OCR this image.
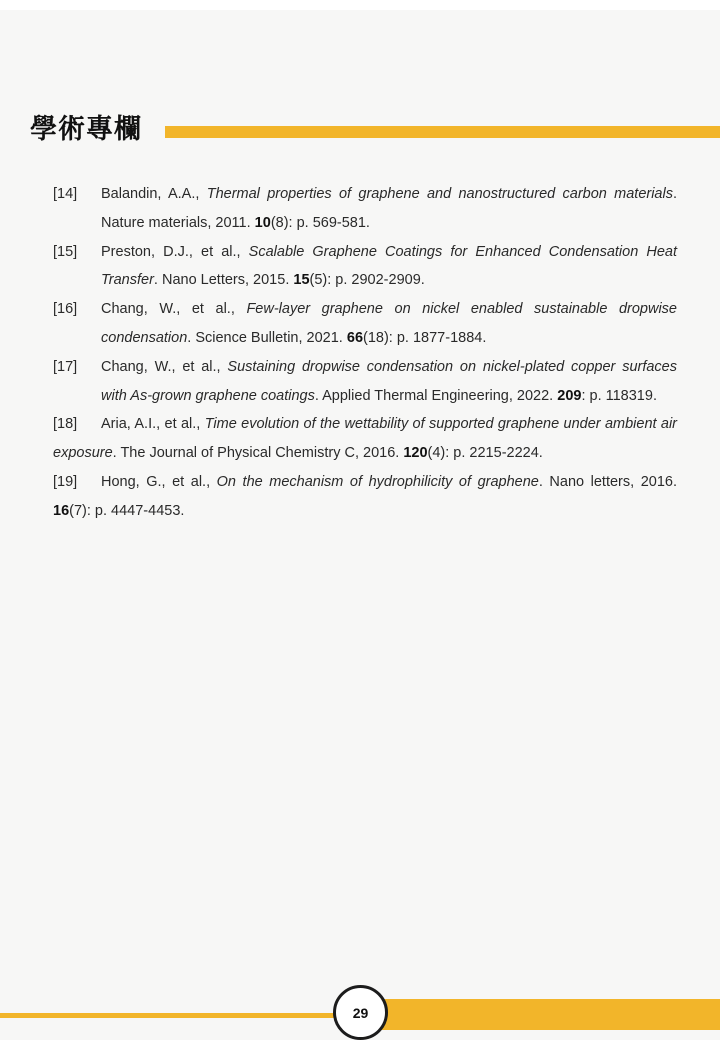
學術專欄
[14]	Balandin, A.A., Thermal properties of graphene and nanostructured carbon materials. Nature materials, 2011. 10(8): p. 569-581.
[15]	Preston, D.J., et al., Scalable Graphene Coatings for Enhanced Condensation Heat Transfer. Nano Letters, 2015. 15(5): p. 2902-2909.
[16]	Chang, W., et al., Few-layer graphene on nickel enabled sustainable dropwise condensation. Science Bulletin, 2021. 66(18): p. 1877-1884.
[17]	Chang, W., et al., Sustaining dropwise condensation on nickel-plated copper surfaces with As-grown graphene coatings. Applied Thermal Engineering, 2022. 209: p. 118319.
[18] Aria, A.I., et al., Time evolution of the wettability of supported graphene under ambient air exposure. The Journal of Physical Chemistry C, 2016. 120(4): p. 2215-2224.
[19] Hong, G., et al., On the mechanism of hydrophilicity of graphene. Nano letters, 2016. 16(7): p. 4447-4453.
29
